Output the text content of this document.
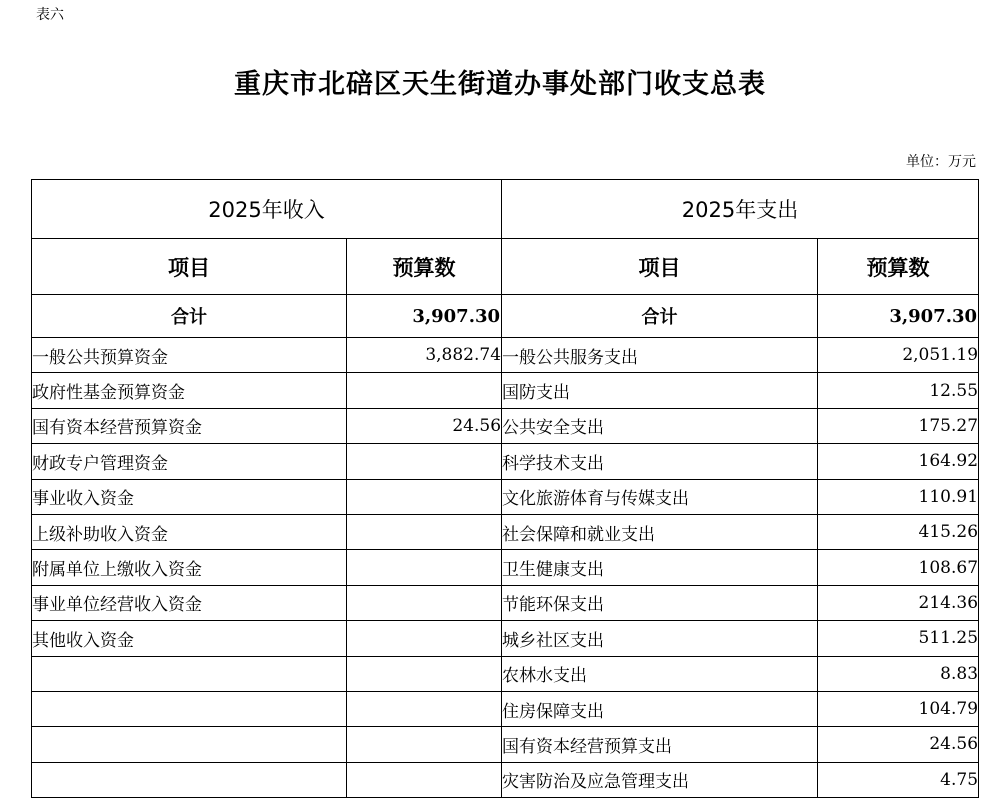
表六
重庆市北碚区天生街道办事处部门收支总表
单位：万元
2025年收入		2025年支出	
项目	预算数	项目	预算数
合计	3,907.30	合计	3,907.30
一般公共预算资金	3,882.74	一般公共服务支出	2,051.19
政府性基金预算资金		国防支出	12.55
国有资本经营预算资金	24.56	公共安全支出	175.27
财政专户管理资金		科学技术支出	164.92
事业收入资金		文化旅游体育与传媒支出	110.91
上级补助收入资金		社会保障和就业支出	415.26
附属单位上缴收入资金		卫生健康支出	108.67
事业单位经营收入资金		节能环保支出	214.36
其他收入资金		城乡社区支出	511.25
		农林水支出	8.83
		住房保障支出	104.79
		国有资本经营预算支出	24.56
		灾害防治及应急管理支出	4.75
